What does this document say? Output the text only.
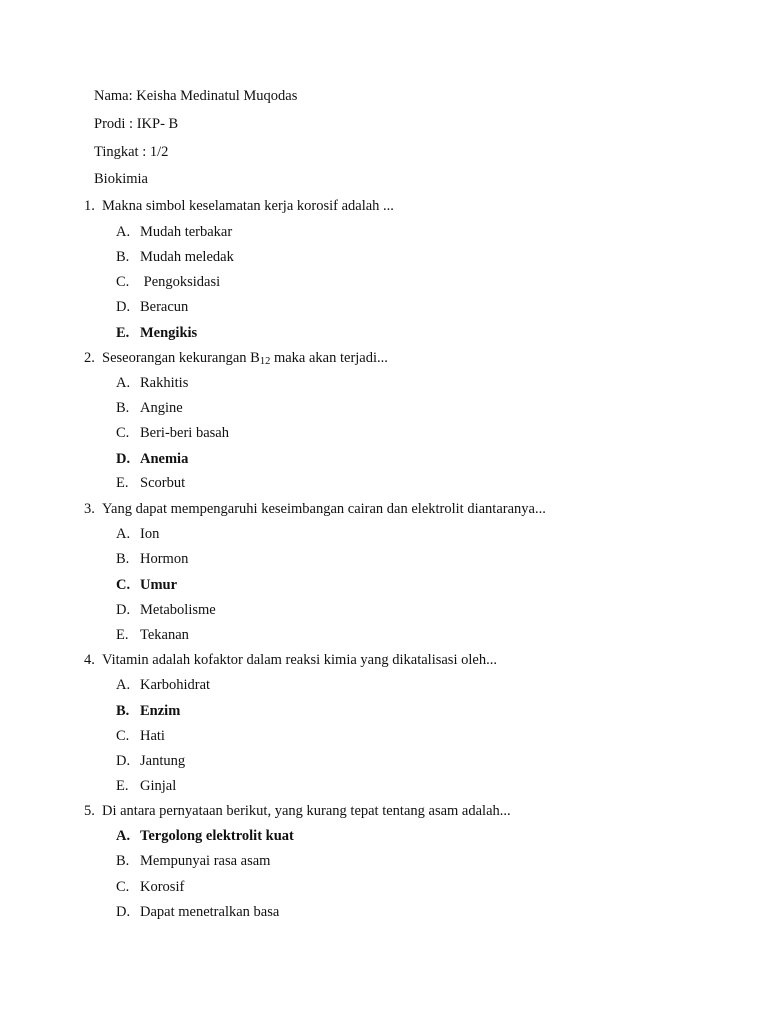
Nama: Keisha Medinatul Muqodas
Prodi : IKP- B
Tingkat : 1/2
Biokimia
1. Makna simbol keselamatan kerja korosif adalah ...
A. Mudah terbakar
B. Mudah meledak
C. Pengoksidasi
D. Beracun
E. Mengikis
2. Seseorangan kekurangan $B_{12}$ maka akan terjadi...
A. Rakhitis
B. Angine
C. Beri-beri basah
D. Anemia
E. Scorbut
3. Yang dapat mempengaruhi keseimbangan cairan dan elektrolit diantaranya...
A. Ion
B. Hormon
C. Umur
D. Metabolisme
E. Tekanan
4. Vitamin adalah kofaktor dalam reaksi kimia yang dikatalisasi oleh...
A. Karbohidrat
B. Enzim
C. Hati
D. Jantung
E. Ginjal
5. Di antara pernyataan berikut, yang kurang tepat tentang asam adalah...
A. Tergolong elektrolit kuat
B. Mempunyai rasa asam
C. Korosif
D. Dapat menetralkan basa
